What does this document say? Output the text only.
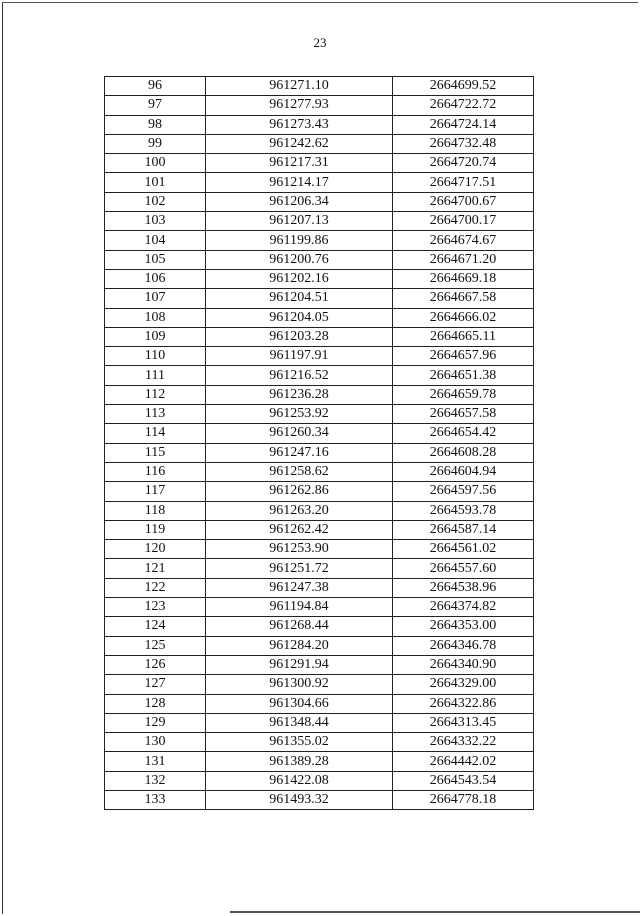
23
96	961271.10	2664699.52
97	961277.93	2664722.72
98	961273.43	2664724.14
99	961242.62	2664732.48
100	961217.31	2664720.74
101	961214.17	2664717.51
102	961206.34	2664700.67
103	961207.13	2664700.17
104	961199.86	2664674.67
105	961200.76	2664671.20
106	961202.16	2664669.18
107	961204.51	2664667.58
108	961204.05	2664666.02
109	961203.28	2664665.11
110	961197.91	2664657.96
111	961216.52	2664651.38
112	961236.28	2664659.78
113	961253.92	2664657.58
114	961260.34	2664654.42
115	961247.16	2664608.28
116	961258.62	2664604.94
117	961262.86	2664597.56
118	961263.20	2664593.78
119	961262.42	2664587.14
120	961253.90	2664561.02
121	961251.72	2664557.60
122	961247.38	2664538.96
123	961194.84	2664374.82
124	961268.44	2664353.00
125	961284.20	2664346.78
126	961291.94	2664340.90
127	961300.92	2664329.00
128	961304.66	2664322.86
129	961348.44	2664313.45
130	961355.02	2664332.22
131	961389.28	2664442.02
132	961422.08	2664543.54
133	961493.32	2664778.18
